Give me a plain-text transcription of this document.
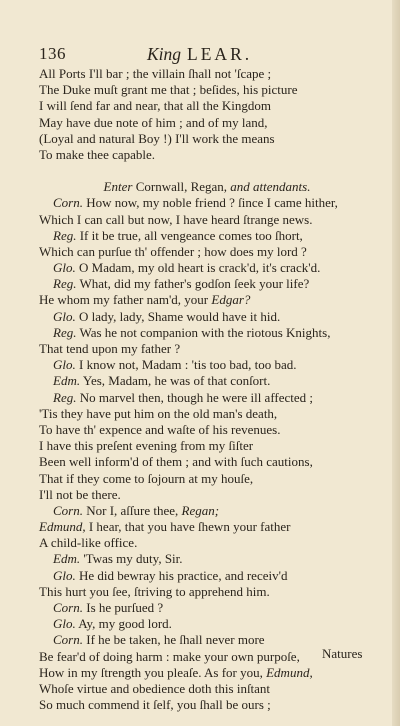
136	King LEAR.
All Ports I'll bar ; the villain ſhall not 'ſcape ;
The Duke muſt grant me that ; beſides, his picture
I will ſend far and near, that all the Kingdom
May have due note of him ; and of my land,
(Loyal and natural Boy !) I'll work the means
To make thee capable.
Enter Cornwall, Regan, and attendants.
Corn. How now, my noble friend ? ſince I came hither,
Which I can call but now, I have heard ſtrange news.
Reg. If it be true, all vengeance comes too ſhort,
Which can purſue th' offender ; how does my lord ?
Glo. O Madam, my old heart is crack'd, it's crack'd.
Reg. What, did my father's godſon ſeek your life?
He whom my father nam'd, your Edgar?
Glo. O lady, lady, Shame would have it hid.
Reg. Was he not companion with the riotous Knights,
That tend upon my father ?
Glo. I know not, Madam : 'tis too bad, too bad.
Edm. Yes, Madam, he was of that conſort.
Reg. No marvel then, though he were ill affected ;
'Tis they have put him on the old man's death,
To have th' expence and waſte of his revenues.
I have this preſent evening from my ſiſter
Been well inform'd of them ; and with ſuch cautions,
That if they come to ſojourn at my houſe,
I'll not be there.
Corn. Nor I, aſſure thee, Regan;
Edmund, I hear, that you have ſhewn your father
A child-like office.
Edm. 'Twas my duty, Sir.
Glo. He did bewray his practice, and receiv'd
This hurt you ſee, ſtriving to apprehend him.
Corn. Is he purſued ?
Glo. Ay, my good lord.
Corn. If he be taken, he ſhall never more
Be fear'd of doing harm : make your own purpoſe,
How in my ſtrength you pleaſe. As for you, Edmund,
Whoſe virtue and obedience doth this inſtant
So much commend it ſelf, you ſhall be ours ;
Natures
